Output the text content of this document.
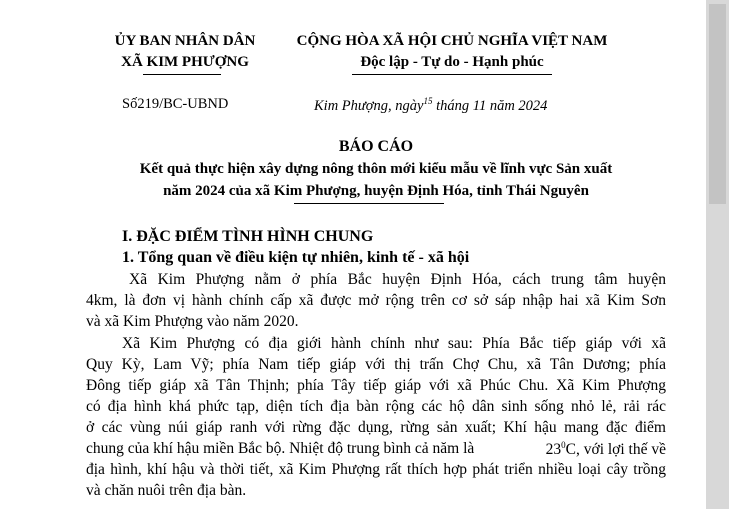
ỦY BAN NHÂN DÂN
XÃ KIM PHƯỢNG
CỘNG HÒA XÃ HỘI CHỦ NGHĨA VIỆT NAM
Độc lập - Tự do - Hạnh phúc
Số219/BC-UBND	Kim Phượng, ngày$^{15}$ tháng 11 năm 2024
BÁO CÁO
Kết quả thực hiện xây dựng nông thôn mới kiểu mẫu về lĩnh vực Sản xuất
năm 2024 của xã Kim Phượng, huyện Định Hóa, tỉnh Thái Nguyên
I. ĐẶC ĐIỂM TÌNH HÌNH CHUNG
1. Tổng quan về điều kiện tự nhiên, kinh tế - xã hội
Xã Kim Phượng nằm ở phía Bắc huyện Định Hóa, cách trung tâm huyện
4km, là đơn vị hành chính cấp xã được mở rộng trên cơ sở sáp nhập hai xã Kim Sơn
và xã Kim Phượng vào năm 2020.
Xã Kim Phượng có địa giới hành chính như sau: Phía Bắc tiếp giáp với xã
Quy Kỳ, Lam Vỹ; phía Nam tiếp giáp với thị trấn Chợ Chu, xã Tân Dương; phía
Đông tiếp giáp xã Tân Thịnh; phía Tây tiếp giáp với xã Phúc Chu. Xã Kim Phượng
có địa hình khá phức tạp, diện tích địa bàn rộng các hộ dân sinh sống nhỏ lẻ, rải rác
ở các vùng núi giáp ranh với rừng đặc dụng, rừng sản xuất; Khí hậu mang đặc điểm
chung của khí hậu miền Bắc bộ. Nhiệt độ trung bình cả năm là	$23^0C$, với lợi thế về
địa hình, khí hậu và thời tiết, xã Kim Phượng rất thích hợp phát triển nhiều loại cây trồng
và chăn nuôi trên địa bàn.
